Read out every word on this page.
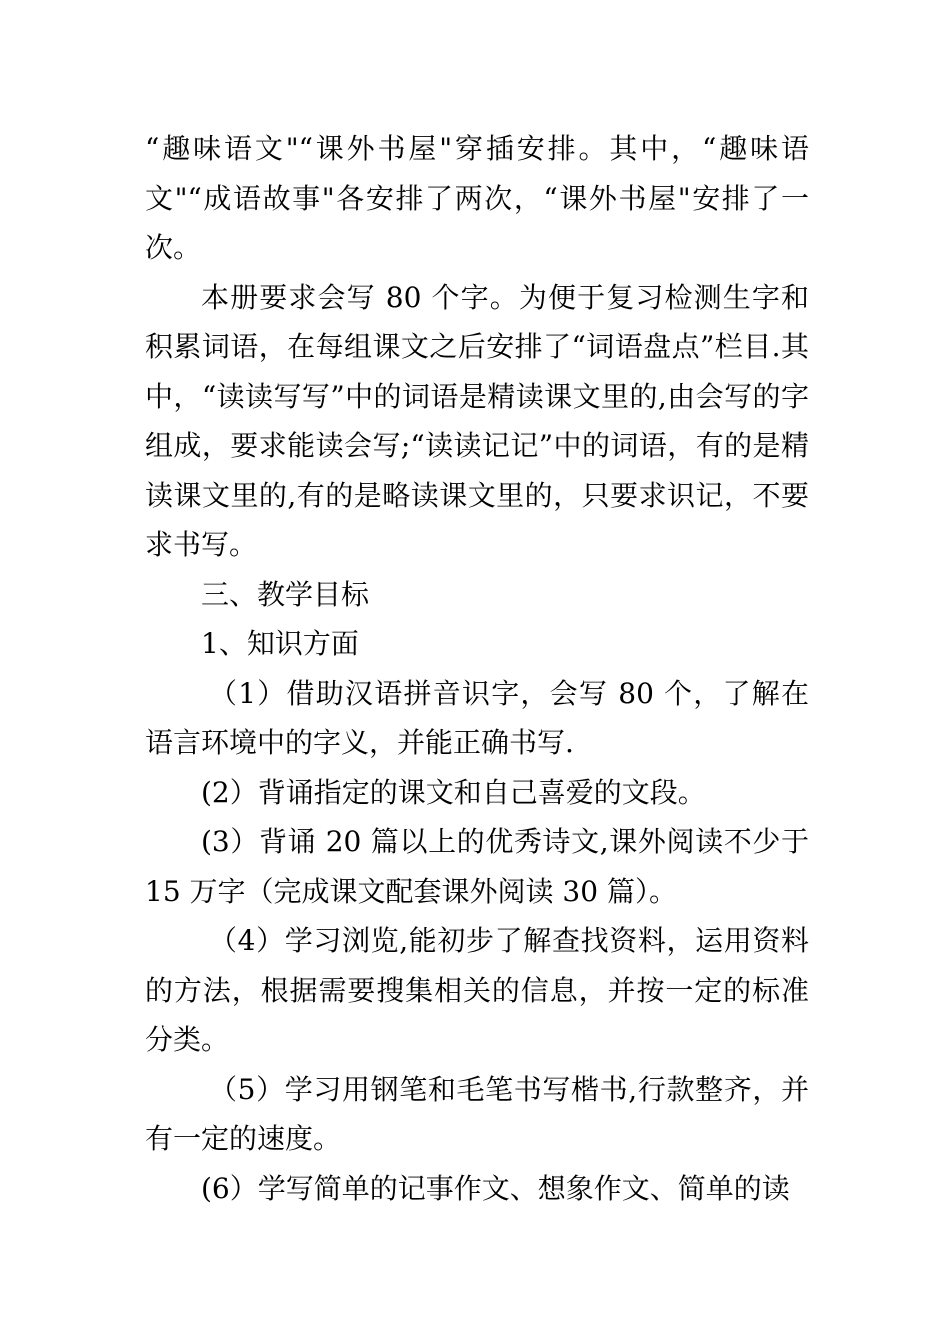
“趣味语文"“课外书屋"穿插安排。其中，“趣味语文"“成语故事"各安排了两次，“课外书屋"安排了一次。

本册要求会写 80 个字。为便于复习检测生字和积累词语，在每组课文之后安排了“词语盘点”栏目.其中，“读读写写”中的词语是精读课文里的,由会写的字组成，要求能读会写;“读读记记”中的词语，有的是精读课文里的,有的是略读课文里的，只要求识记，不要求书写。

三、教学目标

1、知识方面

（1）借助汉语拼音识字，会写 80 个，了解在语言环境中的字义，并能正确书写.

(2）背诵指定的课文和自己喜爱的文段。

(3）背诵 20 篇以上的优秀诗文,课外阅读不少于 15 万字（完成课文配套课外阅读 30 篇）。

（4）学习浏览,能初步了解查找资料，运用资料的方法，根据需要搜集相关的信息，并按一定的标准分类。

（5）学习用钢笔和毛笔书写楷书,行款整齐，并有一定的速度。

(6）学写简单的记事作文、想象作文、简单的读
